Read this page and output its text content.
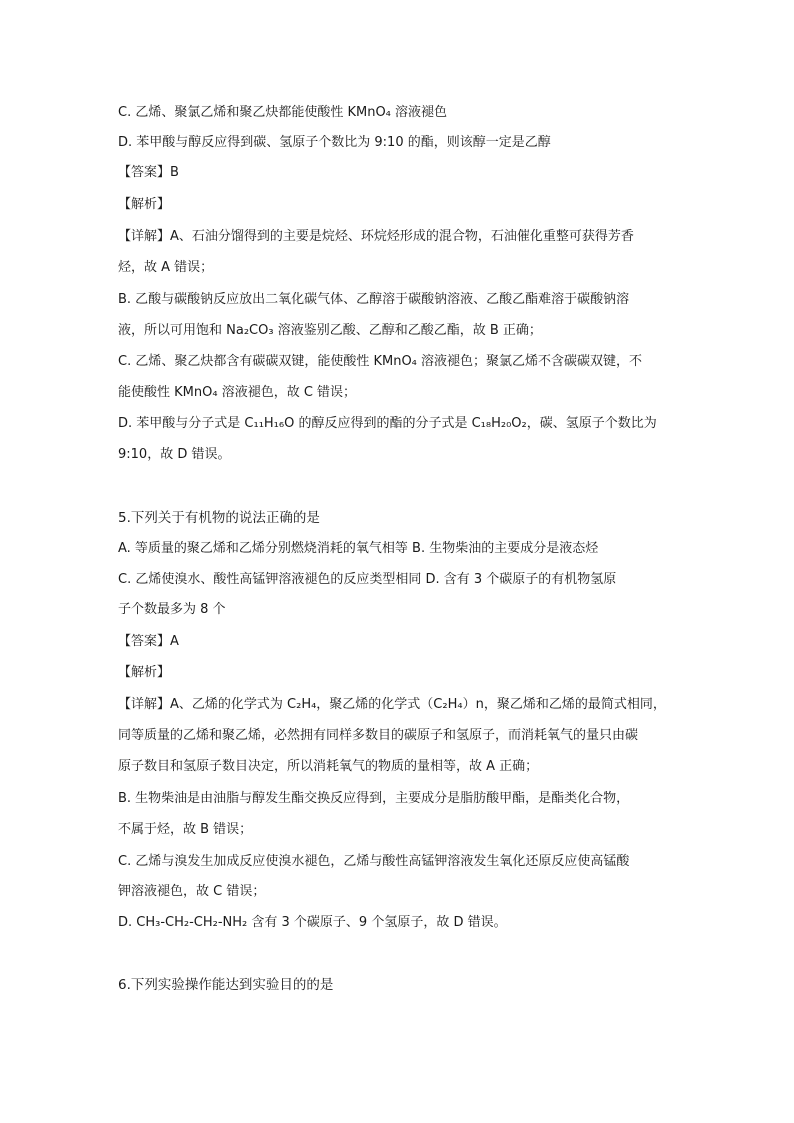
C. 乙烯、聚氯乙烯和聚乙炔都能使酸性 KMnO₄ 溶液褪色
D. 苯甲酸与醇反应得到碳、氢原子个数比为 9:10 的酯，则该醇一定是乙醇
【答案】B
【解析】
【详解】A、石油分馏得到的主要是烷烃、环烷烃形成的混合物，石油催化重整可获得芳香
烃，故 A 错误；
B. 乙酸与碳酸钠反应放出二氧化碳气体、乙醇溶于碳酸钠溶液、乙酸乙酯难溶于碳酸钠溶
液，所以可用饱和 Na₂CO₃ 溶液鉴别乙酸、乙醇和乙酸乙酯，故 B 正确；
C. 乙烯、聚乙炔都含有碳碳双键，能使酸性 KMnO₄ 溶液褪色；聚氯乙烯不含碳碳双键，不
能使酸性 KMnO₄ 溶液褪色，故 C 错误；
D. 苯甲酸与分子式是 C₁₁H₁₆O 的醇反应得到的酯的分子式是 C₁₈H₂₀O₂，碳、氢原子个数比为
9:10，故 D 错误。
5.下列关于有机物的说法正确的是
A. 等质量的聚乙烯和乙烯分别燃烧消耗的氧气相等 B. 生物柴油的主要成分是液态烃
C. 乙烯使溴水、酸性高锰钾溶液褪色的反应类型相同 D. 含有 3 个碳原子的有机物氢原
子个数最多为 8 个
【答案】A
【解析】
【详解】A、乙烯的化学式为 C₂H₄，聚乙烯的化学式（C₂H₄）n，聚乙烯和乙烯的最简式相同，
同等质量的乙烯和聚乙烯，必然拥有同样多数目的碳原子和氢原子，而消耗氧气的量只由碳
原子数目和氢原子数目决定，所以消耗氧气的物质的量相等，故 A 正确；
B. 生物柴油是由油脂与醇发生酯交换反应得到，主要成分是脂肪酸甲酯，是酯类化合物，
不属于烃，故 B 错误；
C. 乙烯与溴发生加成反应使溴水褪色，乙烯与酸性高锰钾溶液发生氧化还原反应使高锰酸
钾溶液褪色，故 C 错误；
D. CH₃-CH₂-CH₂-NH₂ 含有 3 个碳原子、9 个氢原子，故 D 错误。
6.下列实验操作能达到实验目的的是
